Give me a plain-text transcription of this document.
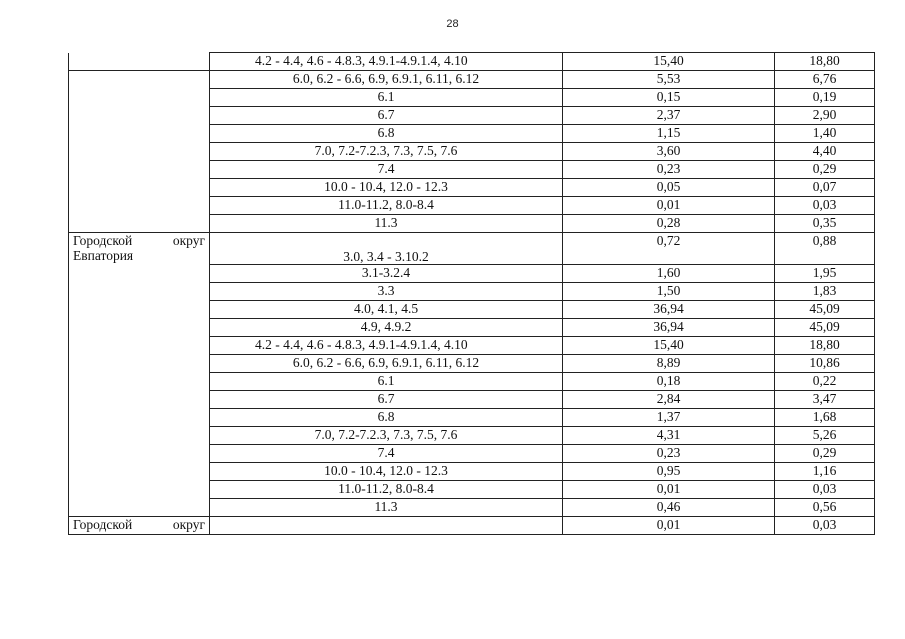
28
	4.2 - 4.4, 4.6 - 4.8.3, 4.9.1-4.9.1.4, 4.10	15,40	18,80
	6.0, 6.2 - 6.6, 6.9, 6.9.1, 6.11, 6.12	5,53	6,76
	6.1	0,15	0,19
	6.7	2,37	2,90
	6.8	1,15	1,40
	7.0, 7.2-7.2.3, 7.3, 7.5, 7.6	3,60	4,40
	7.4	0,23	0,29
	10.0 - 10.4, 12.0 - 12.3	0,05	0,07
	11.0-11.2, 8.0-8.4	0,01	0,03
	11.3	0,28	0,35
Городской округ Евпатория	3.0, 3.4 - 3.10.2	0,72	0,88
	3.1-3.2.4	1,60	1,95
	3.3	1,50	1,83
	4.0, 4.1, 4.5	36,94	45,09
	4.9, 4.9.2	36,94	45,09
	4.2 - 4.4, 4.6 - 4.8.3, 4.9.1-4.9.1.4, 4.10	15,40	18,80
	6.0, 6.2 - 6.6, 6.9, 6.9.1, 6.11, 6.12	8,89	10,86
	6.1	0,18	0,22
	6.7	2,84	3,47
	6.8	1,37	1,68
	7.0, 7.2-7.2.3, 7.3, 7.5, 7.6	4,31	5,26
	7.4	0,23	0,29
	10.0 - 10.4, 12.0 - 12.3	0,95	1,16
	11.0-11.2, 8.0-8.4	0,01	0,03
	11.3	0,46	0,56
Городской округ		0,01	0,03
